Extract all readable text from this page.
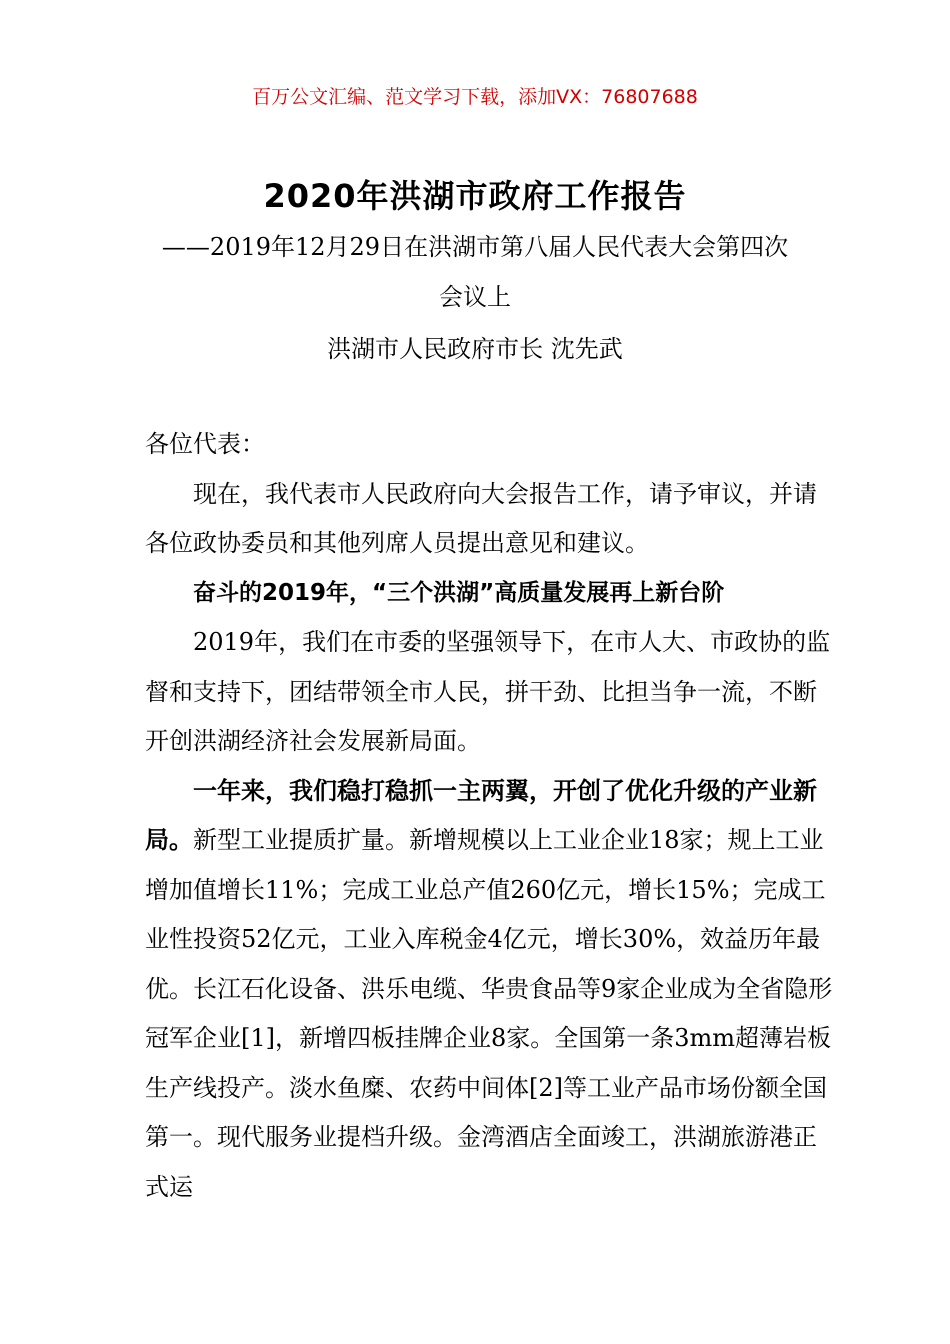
百万公文汇编、范文学习下载，添加VX：76807688
2020年洪湖市政府工作报告
——2019年12月29日在洪湖市第八届人民代表大会第四次会议上
洪湖市人民政府市长 沈先武

各位代表：

现在，我代表市人民政府向大会报告工作，请予审议，并请各位政协委员和其他列席人员提出意见和建议。

奋斗的2019年，“三个洪湖”高质量发展再上新台阶

2019年，我们在市委的坚强领导下，在市人大、市政协的监督和支持下，团结带领全市人民，拼干劲、比担当争一流，不断开创洪湖经济社会发展新局面。

一年来，我们稳打稳抓一主两翼，开创了优化升级的产业新局。新型工业提质扩量。新增规模以上工业企业18家；规上工业增加值增长11%；完成工业总产值260亿元，增长15%；完成工业性投资52亿元，工业入库税金4亿元，增长30%，效益历年最优。长江石化设备、洪乐电缆、华贵食品等9家企业成为全省隐形冠军企业[1]，新增四板挂牌企业8家。全国第一条3mm超薄岩板生产线投产。淡水鱼糜、农药中间体[2]等工业产品市场份额全国第一。现代服务业提档升级。金湾酒店全面竣工，洪湖旅游港正式运
